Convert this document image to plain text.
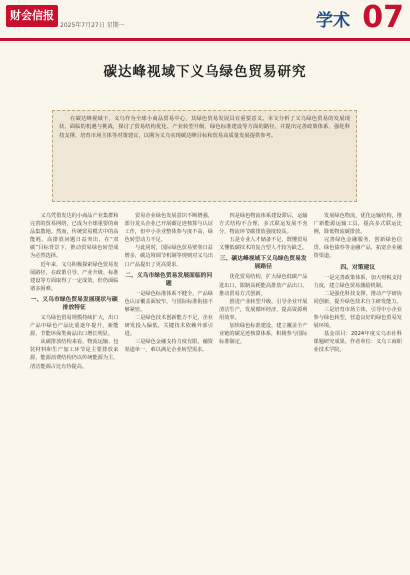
财会信报
2025年7月27日 星期一	学术 07
碳达峰视域下义乌绿色贸易研究
在碳达峰视域下，义乌作为全球小商品贸易中心，其绿色贸易发展具有重要意义。本文分析了义乌绿色贸易的发展现状、面临的机遇与挑战，探讨了贸易结构优化、产业转型升级、绿色标准建设等方面的路径，并提出完善政策体系、强化科技支撑、培育市场主体等对策建议，以期为义乌实现碳达峰目标和贸易高质量发展提供参考。

义乌凭借发达的小商品产业集群和完善的贸易网络，已成为全球重要的商品集散地。然而，传统贸易模式中的高能耗、高排放问题日益突出，在“双碳”目标背景下，推动贸易绿色转型成为必然选择。

近年来，义乌积极探索绿色贸易发展路径，在政策引导、产业升级、标准建设等方面取得了一定成效，但仍面临诸多困难。

一、义乌市绿色贸易发展现状与碳排放特征

义乌绿色贸易规模持续扩大，出口产品中绿色产品比重逐年提升，新能源、节能环保类商品出口增长明显。

从碳排放结构来看，物流运输、包装材料和生产加工环节是主要排放来源，能源消费结构仍以传统能源为主，清洁能源占比有待提高。

贸易企业绿色发展意识不断增强，部分龙头企业已开展碳足迹核算与认证工作，但中小企业整体参与度不高，绿色转型动力不足。

与此同时，国际绿色贸易壁垒日益增多，碳边境调节机制等规则对义乌出口产品提出了更高要求。

二、义乌市绿色贸易发展面临的问题

一是绿色标准体系不健全，产品绿色认证覆盖面较窄，与国际标准衔接不够紧密。

二是绿色技术创新能力不足，企业研发投入偏低，关键技术依赖外部引进。

三是绿色金融支持力度有限，融资渠道单一，难以满足企业转型需求。

四是绿色物流体系建设滞后，运输方式结构不合理，多式联运发展不充分，物流环节碳排放强度较高。

五是专业人才储备不足，既懂贸易又懂低碳技术的复合型人才较为缺乏。

三、碳达峰视域下义乌绿色贸易发展路径

优化贸易结构，扩大绿色低碳产品进出口，限制高耗能高排放产品出口，推动贸易方式创新。

推进产业转型升级，引导企业开展清洁生产，发展循环经济，提高资源利用效率。

加快绿色标准建设，建立覆盖全产业链的碳足迹核算体系，积极参与国际标准制定。

发展绿色物流，优化运输结构，推广新能源运输工具，提高多式联运比例，降低物流碳排放。

完善绿色金融服务，创新绿色信贷、绿色债券等金融产品，拓宽企业融资渠道。

四、对策建议

一是完善政策体系，加大财税支持力度，建立绿色贸易激励机制。

二是强化科技支撑，推动产学研协同创新，提升绿色技术自主研发能力。

三是培育市场主体，引导中小企业参与绿色转型，营造良好的绿色贸易发展环境。

基金项目：2024年度义乌市社科课题研究成果。作者单位：义乌工商职业技术学院。
